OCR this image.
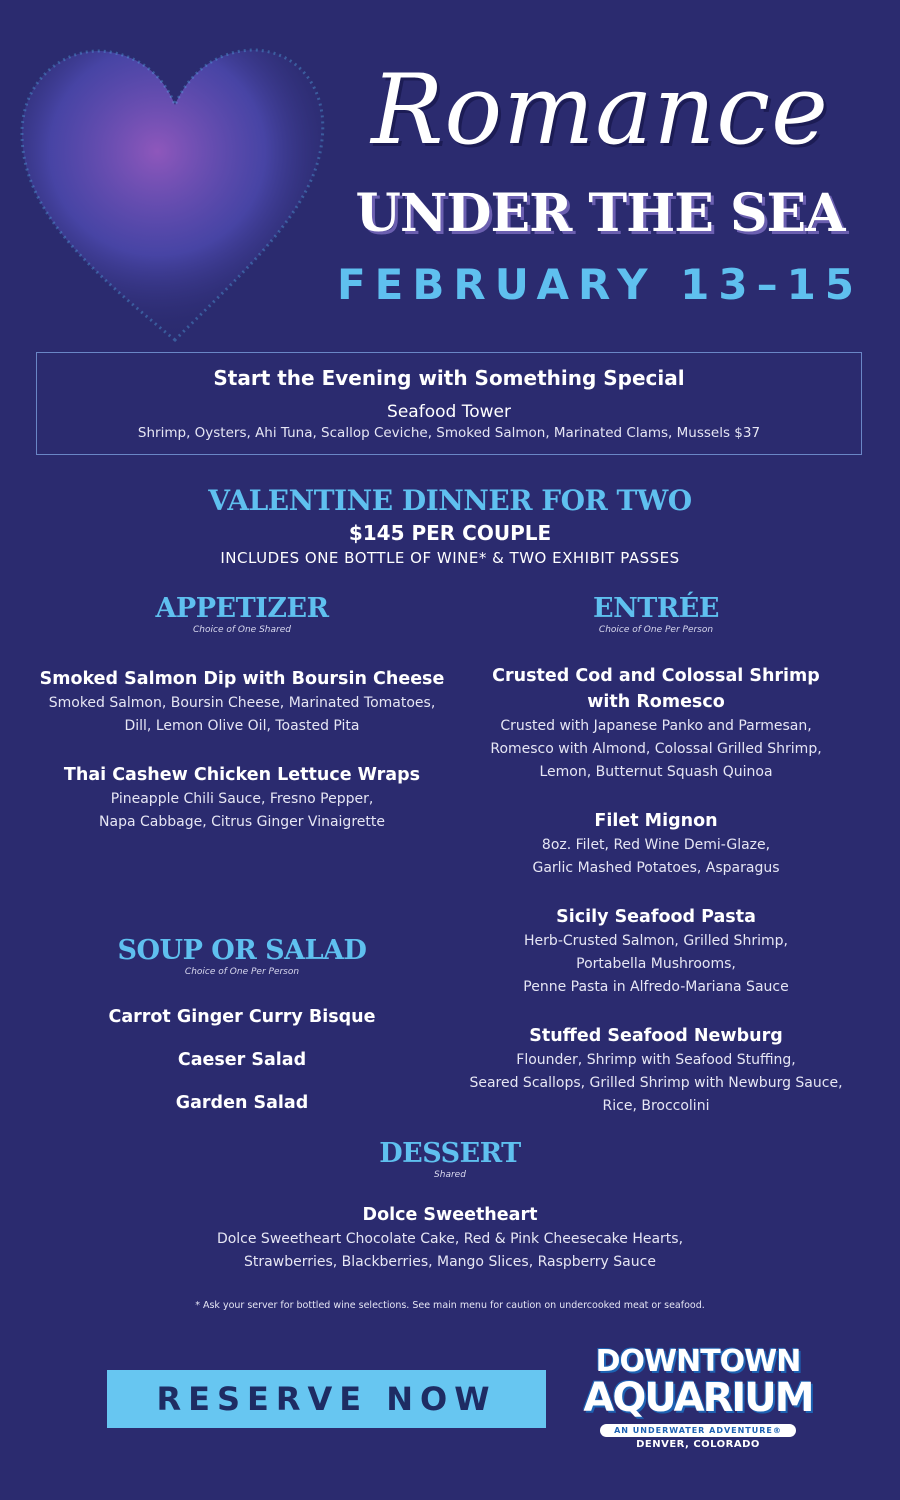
Romance
UNDER THE SEA
FEBRUARY 13–15
Start the Evening with Something Special
Seafood Tower
Shrimp, Oysters, Ahi Tuna, Scallop Ceviche, Smoked Salmon, Marinated Clams, Mussels $37
VALENTINE DINNER FOR TWO
$145 PER COUPLE
INCLUDES ONE BOTTLE OF WINE* & TWO EXHIBIT PASSES
APPETIZER
Choice of One Shared
Smoked Salmon Dip with Boursin Cheese
Smoked Salmon, Boursin Cheese, Marinated Tomatoes,
Dill, Lemon Olive Oil, Toasted Pita
Thai Cashew Chicken Lettuce Wraps
Pineapple Chili Sauce, Fresno Pepper,
Napa Cabbage, Citrus Ginger Vinaigrette
ENTRÉE
Choice of One Per Person
Crusted Cod and Colossal Shrimp
with Romesco
Crusted with Japanese Panko and Parmesan,
Romesco with Almond, Colossal Grilled Shrimp,
Lemon, Butternut Squash Quinoa
Filet Mignon
8oz. Filet, Red Wine Demi-Glaze,
Garlic Mashed Potatoes, Asparagus
Sicily Seafood Pasta
Herb-Crusted Salmon, Grilled Shrimp,
Portabella Mushrooms,
Penne Pasta in Alfredo-Mariana Sauce
Stuffed Seafood Newburg
Flounder, Shrimp with Seafood Stuffing,
Seared Scallops, Grilled Shrimp with Newburg Sauce,
Rice, Broccolini
SOUP OR SALAD
Choice of One Per Person
Carrot Ginger Curry Bisque
Caeser Salad
Garden Salad
DESSERT
Shared
Dolce Sweetheart
Dolce Sweetheart Chocolate Cake, Red & Pink Cheesecake Hearts,
Strawberries, Blackberries, Mango Slices, Raspberry Sauce
* Ask your server for bottled wine selections. See main menu for caution on undercooked meat or seafood.
RESERVE NOW
DOWNTOWN
AQUARIUM
AN UNDERWATER ADVENTURE®
DENVER, COLORADO
